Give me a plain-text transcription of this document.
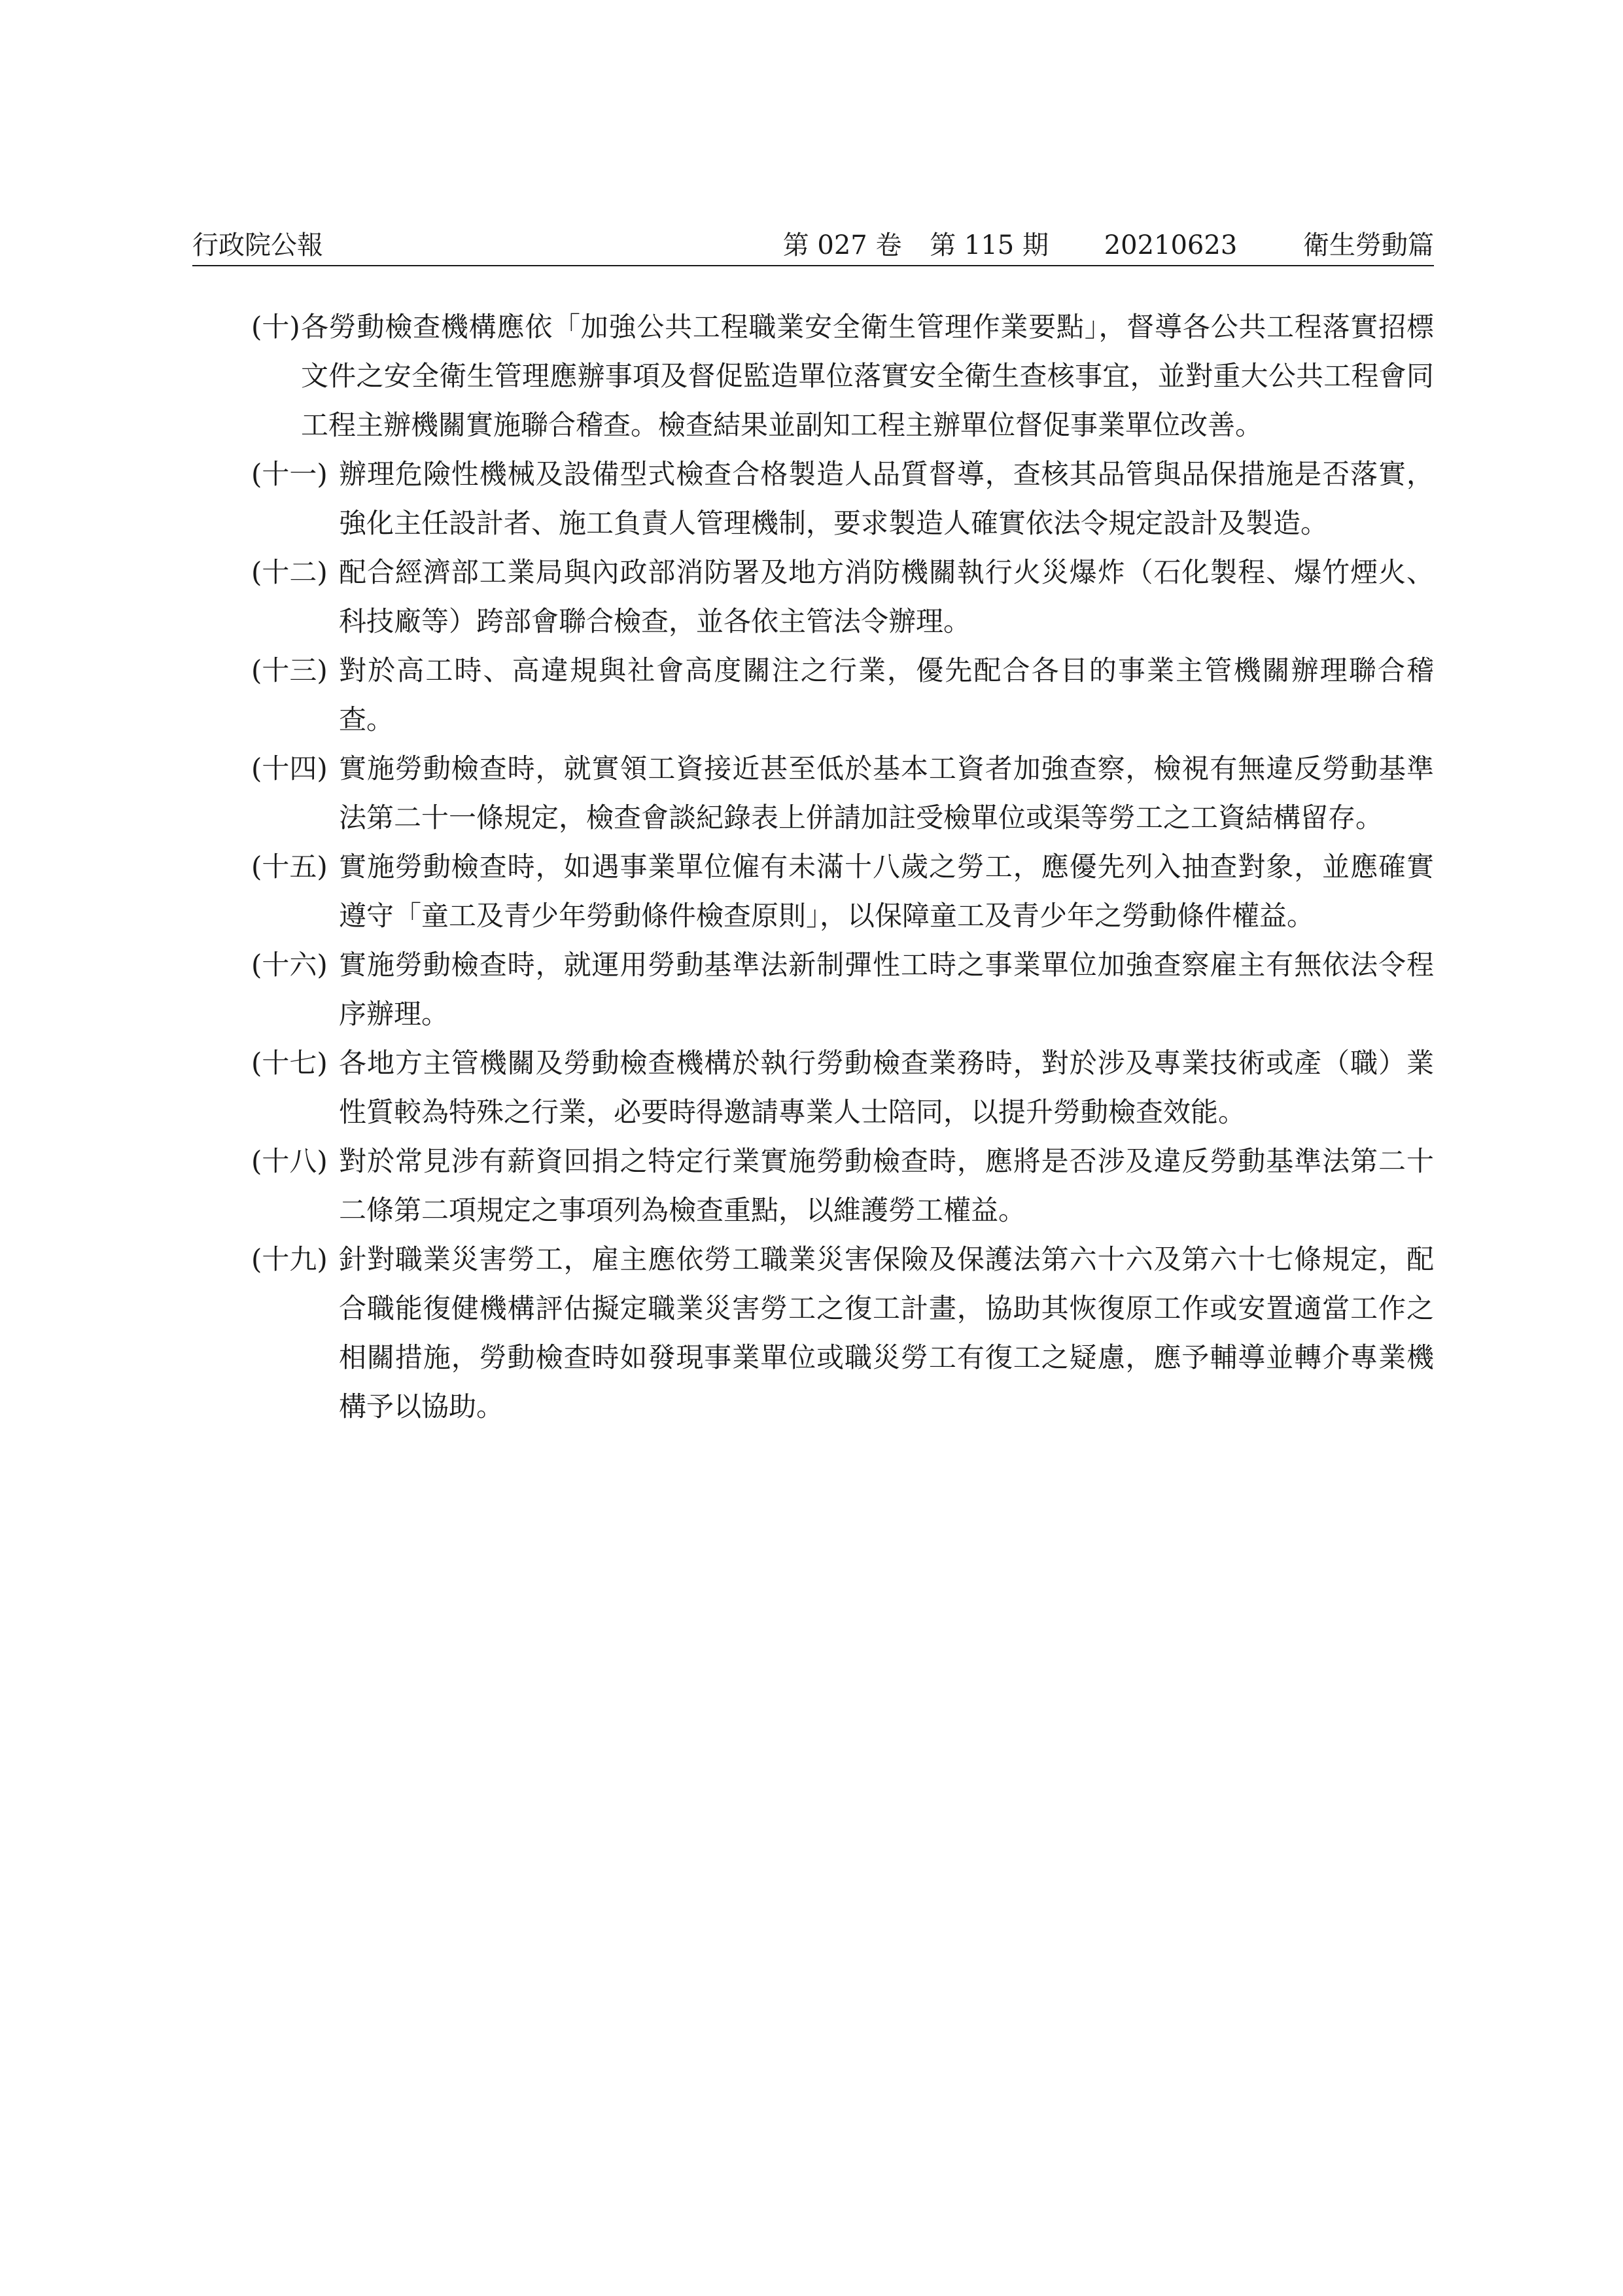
行政院公報	第 027 卷 第 115 期 20210623	衛生勞動篇
(十) 各勞動檢查機構應依「加強公共工程職業安全衛生管理作業要點」，督導各公共工程落實招標文件之安全衛生管理應辦事項及督促監造單位落實安全衛生查核事宜，並對重大公共工程會同工程主辦機關實施聯合稽查。檢查結果並副知工程主辦單位督促事業單位改善。
(十一) 辦理危險性機械及設備型式檢查合格製造人品質督導，查核其品管與品保措施是否落實，強化主任設計者、施工負責人管理機制，要求製造人確實依法令規定設計及製造。
(十二) 配合經濟部工業局與內政部消防署及地方消防機關執行火災爆炸（石化製程、爆竹煙火、科技廠等）跨部會聯合檢查，並各依主管法令辦理。
(十三) 對於高工時、高違規與社會高度關注之行業，優先配合各目的事業主管機關辦理聯合稽查。
(十四) 實施勞動檢查時，就實領工資接近甚至低於基本工資者加強查察，檢視有無違反勞動基準法第二十一條規定，檢查會談紀錄表上併請加註受檢單位或渠等勞工之工資結構留存。
(十五) 實施勞動檢查時，如遇事業單位僱有未滿十八歲之勞工，應優先列入抽查對象，並應確實遵守「童工及青少年勞動條件檢查原則」，以保障童工及青少年之勞動條件權益。
(十六) 實施勞動檢查時，就運用勞動基準法新制彈性工時之事業單位加強查察雇主有無依法令程序辦理。
(十七) 各地方主管機關及勞動檢查機構於執行勞動檢查業務時，對於涉及專業技術或產（職）業性質較為特殊之行業，必要時得邀請專業人士陪同，以提升勞動檢查效能。
(十八) 對於常見涉有薪資回捐之特定行業實施勞動檢查時，應將是否涉及違反勞動基準法第二十二條第二項規定之事項列為檢查重點，以維護勞工權益。
(十九) 針對職業災害勞工，雇主應依勞工職業災害保險及保護法第六十六及第六十七條規定，配合職能復健機構評估擬定職業災害勞工之復工計畫，協助其恢復原工作或安置適當工作之相關措施，勞動檢查時如發現事業單位或職災勞工有復工之疑慮，應予輔導並轉介專業機構予以協助。
